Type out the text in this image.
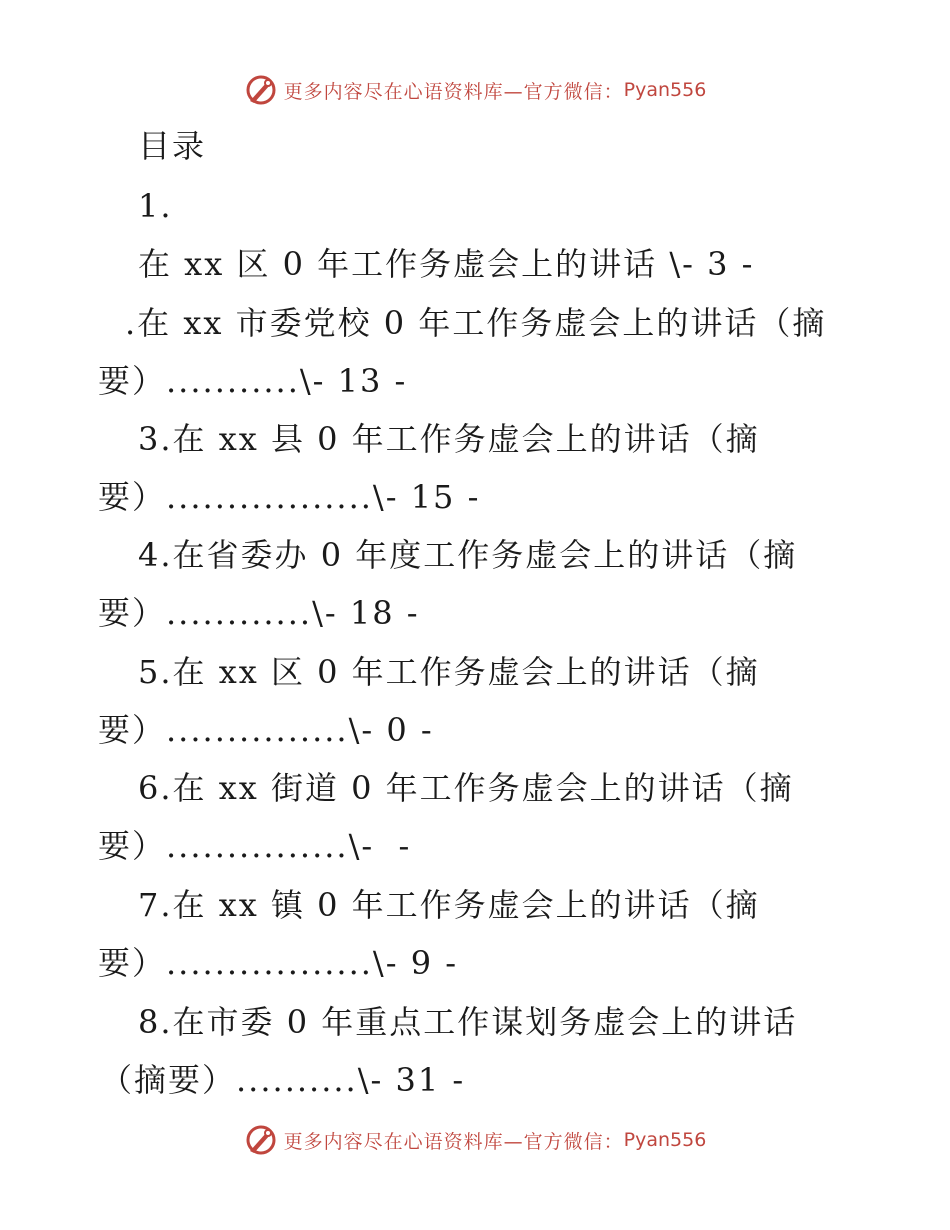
更多内容尽在心语资料库—官方微信： Pyan556
目录
1.
在 xx 区 0 年工作务虚会上的讲话 \- 3 -
.在 xx 市委党校 0 年工作务虚会上的讲话（摘
要）...........\- 13 -
3.在 xx 县 0 年工作务虚会上的讲话（摘
要）.................\- 15 -
4.在省委办 0 年度工作务虚会上的讲话（摘
要）............\- 18 -
5.在 xx 区 0 年工作务虚会上的讲话（摘
要）...............\- 0 -
6.在 xx 街道 0 年工作务虚会上的讲话（摘
要）...............\-  -
7.在 xx 镇 0 年工作务虚会上的讲话（摘
要）.................\- 9 -
8.在市委 0 年重点工作谋划务虚会上的讲话
（摘要）..........\- 31 -
更多内容尽在心语资料库—官方微信： Pyan556
